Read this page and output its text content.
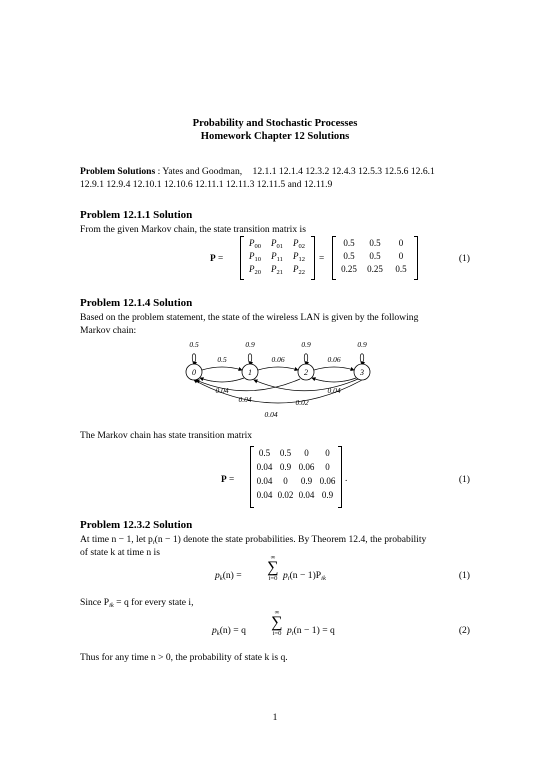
Probability and Stochastic Processes
Homework Chapter 12 Solutions
Problem Solutions : Yates and Goodman, 12.1.1 12.1.4 12.3.2 12.4.3 12.5.3 12.5.6 12.6.1
12.9.1 12.9.4 12.10.1 12.10.6 12.11.1 12.11.3 12.11.5 and 12.11.9
Problem 12.1.1 Solution
From the given Markov chain, the state transition matrix is
P =
$P_{00}$	$P_{01}$	$P_{02}$
$P_{10}$	$P_{11}$	$P_{12}$
$P_{20}$	$P_{21}$	$P_{22}$
=
0.5	0.5	0
0.5	0.5	0
0.25	0.25	0.5
(1)
Problem 12.1.4 Solution
Based on the problem statement, the state of the wireless LAN is given by the following
Markov chain:
0	1	2	3
0.5	0.9	0.9	0.9
0.5	0.06	0.06
0.04	0.04
0.04	0.02
0.04
The Markov chain has state transition matrix
P =
0.5	0.5	0	0
0.04 0.9 0.06	0
0.04	0	0.9 0.06
0.04 0.02 0.04 0.9
.	(1)
Problem 12.3.2 Solution
At time n − 1, let $p_i(n - 1)$ denote the state probabilities. By Theorem 12.4, the probability
of state k at time n is
$p_k(n)$ =
∞
∑
i=0 $p_i(n - 1)P_{ik}$	(1)
Since $P_{ik} = q$ for every state i,
$p_k(n) = q$
∞
∑
i=0 $p_i(n - 1) = q$	(2)
Thus for any time n > 0, the probability of state k is q.
1
